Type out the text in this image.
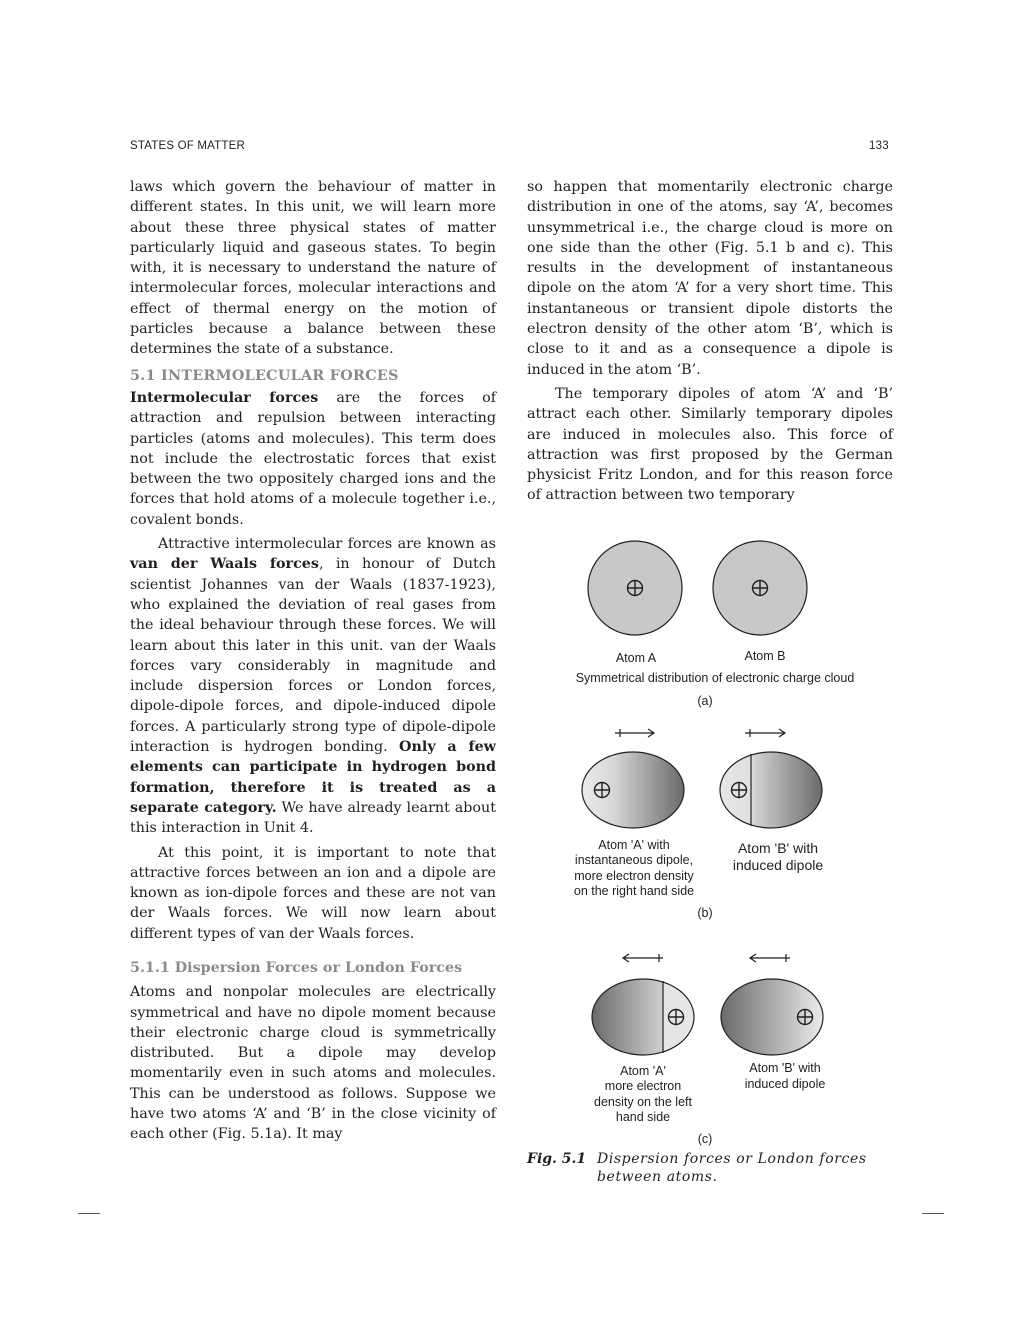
STATES OF MATTER	133

laws which govern the behaviour of matter in different states. In this unit, we will learn more about these three physical states of matter particularly liquid and gaseous states. To begin with, it is necessary to understand the nature of intermolecular forces, molecular interactions and effect of thermal energy on the motion of particles because a balance between these determines the state of a substance.

5.1 INTERMOLECULAR FORCES

Intermolecular forces are the forces of attraction and repulsion between interacting particles (atoms and molecules). This term does not include the electrostatic forces that exist between the two oppositely charged ions and the forces that hold atoms of a molecule together i.e., covalent bonds.

Attractive intermolecular forces are known as van der Waals forces, in honour of Dutch scientist Johannes van der Waals (1837-1923), who explained the deviation of real gases from the ideal behaviour through these forces. We will learn about this later in this unit. van der Waals forces vary considerably in magnitude and include dispersion forces or London forces, dipole-dipole forces, and dipole-induced dipole forces. A particularly strong type of dipole-dipole interaction is hydrogen bonding. Only a few elements can participate in hydrogen bond formation, therefore it is treated as a separate category. We have already learnt about this interaction in Unit 4.

At this point, it is important to note that attractive forces between an ion and a dipole are known as ion-dipole forces and these are not van der Waals forces. We will now learn about different types of van der Waals forces.

5.1.1 Dispersion Forces or London Forces

Atoms and nonpolar molecules are electrically symmetrical and have no dipole moment because their electronic charge cloud is symmetrically distributed. But a dipole may develop momentarily even in such atoms and molecules. This can be understood as follows. Suppose we have two atoms ‘A’ and ‘B’ in the close vicinity of each other (Fig. 5.1a). It may

so happen that momentarily electronic charge distribution in one of the atoms, say ‘A’, becomes unsymmetrical i.e., the charge cloud is more on one side than the other (Fig. 5.1 b and c). This results in the development of instantaneous dipole on the atom ‘A’ for a very short time. This instantaneous or transient dipole distorts the electron density of the other atom ‘B’, which is close to it and as a consequence a dipole is induced in the atom ‘B’.

The temporary dipoles of atom ‘A’ and ‘B’ attract each other. Similarly temporary dipoles are induced in molecules also. This force of attraction was first proposed by the German physicist Fritz London, and for this reason force of attraction between two temporary

Atom A	Atom B
Symmetrical distribution of electronic charge cloud
(a)
Atom 'A' with
instantaneous dipole,
more electron density
on the right hand side
Atom 'B' with
induced dipole
(b)
Atom 'A'
more electron
density on the left
hand side
Atom 'B' with
induced dipole
(c)
Fig. 5.1 Dispersion forces or London forces between atoms.
